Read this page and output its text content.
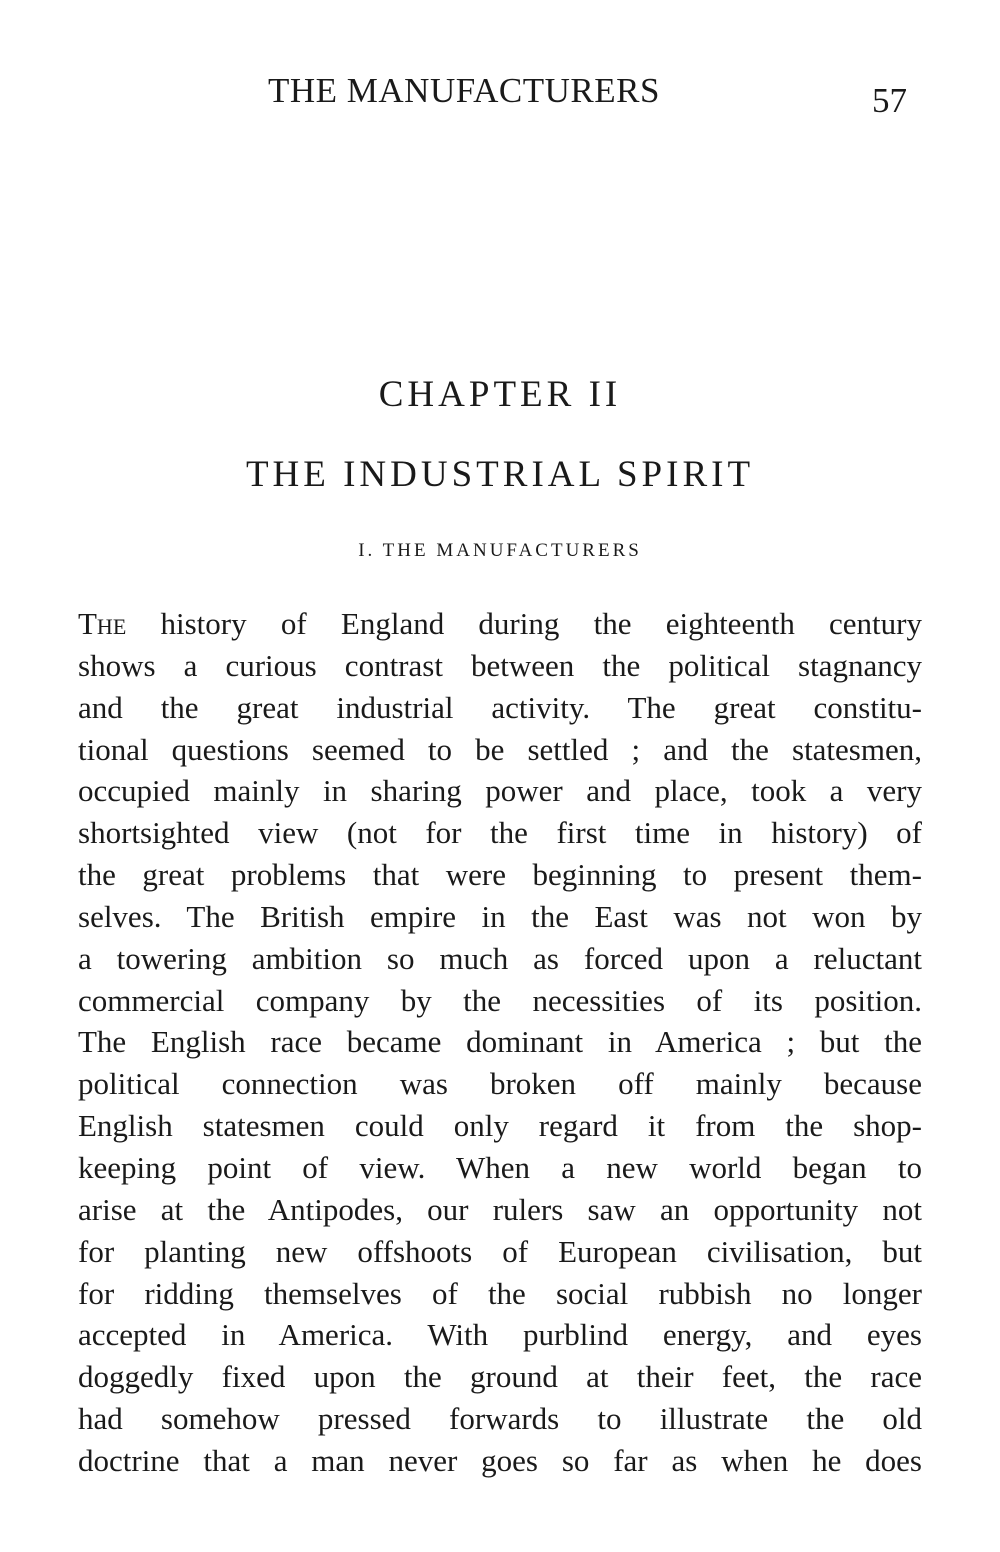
THE MANUFACTURERS	57
CHAPTER II
THE INDUSTRIAL SPIRIT
I. THE MANUFACTURERS
The history of England during the eighteenth century
shows a curious contrast between the political stagnancy
and the great industrial activity. The great constitu-
tional questions seemed to be settled ; and the statesmen,
occupied mainly in sharing power and place, took a very
shortsighted view (not for the first time in history) of
the great problems that were beginning to present them-
selves. The British empire in the East was not won by
a towering ambition so much as forced upon a reluctant
commercial company by the necessities of its position.
The English race became dominant in America ; but the
political connection was broken off mainly because
English statesmen could only regard it from the shop-
keeping point of view. When a new world began to
arise at the Antipodes, our rulers saw an opportunity not
for planting new offshoots of European civilisation, but
for ridding themselves of the social rubbish no longer
accepted in America. With purblind energy, and eyes
doggedly fixed upon the ground at their feet, the race
had somehow pressed forwards to illustrate the old
doctrine that a man never goes so far as when he does
